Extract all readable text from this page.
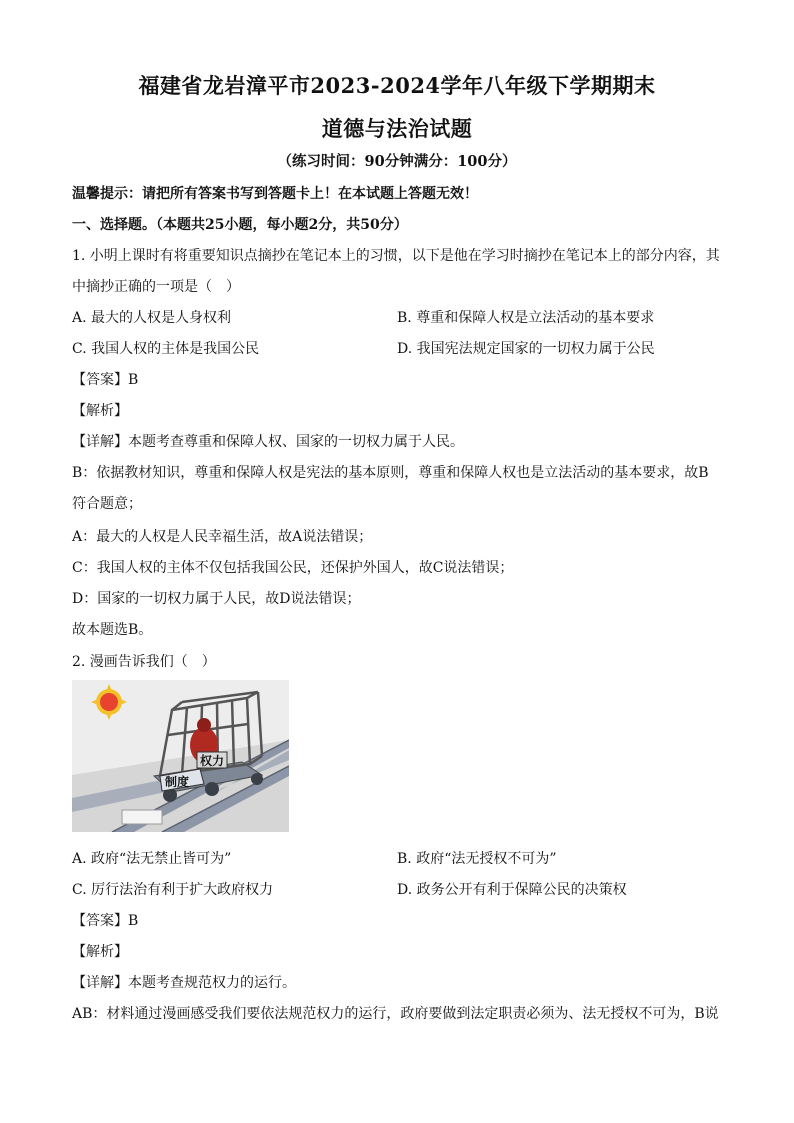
福建省龙岩漳平市2023-2024学年八年级下学期期末
道德与法治试题
（练习时间：90分钟满分：100分）
温馨提示：请把所有答案书写到答题卡上！在本试题上答题无效！
一、选择题。（本题共25小题，每小题2分，共50分）
1. 小明上课时有将重要知识点摘抄在笔记本上的习惯，以下是他在学习时摘抄在笔记本上的部分内容，其
中摘抄正确的一项是（　）
A. 最大的人权是人身权利	B. 尊重和保障人权是立法活动的基本要求
C. 我国人权的主体是我国公民	D. 我国宪法规定国家的一切权力属于公民
【答案】B
【解析】
【详解】本题考查尊重和保障人权、国家的一切权力属于人民。
B：依据教材知识，尊重和保障人权是宪法的基本原则，尊重和保障人权也是立法活动的基本要求，故B
符合题意；
A：最大的人权是人民幸福生活，故A说法错误；
C：我国人权的主体不仅包括我国公民，还保护外国人，故C说法错误；
D：国家的一切权力属于人民，故D说法错误；
故本题选B。
2. 漫画告诉我们（　）
权力
制度
A. 政府“法无禁止皆可为”	B. 政府“法无授权不可为”
C. 厉行法治有利于扩大政府权力	D. 政务公开有利于保障公民的决策权
【答案】B
【解析】
【详解】本题考查规范权力的运行。
AB：材料通过漫画感受我们要依法规范权力的运行，政府要做到法定职责必须为、法无授权不可为，B说
